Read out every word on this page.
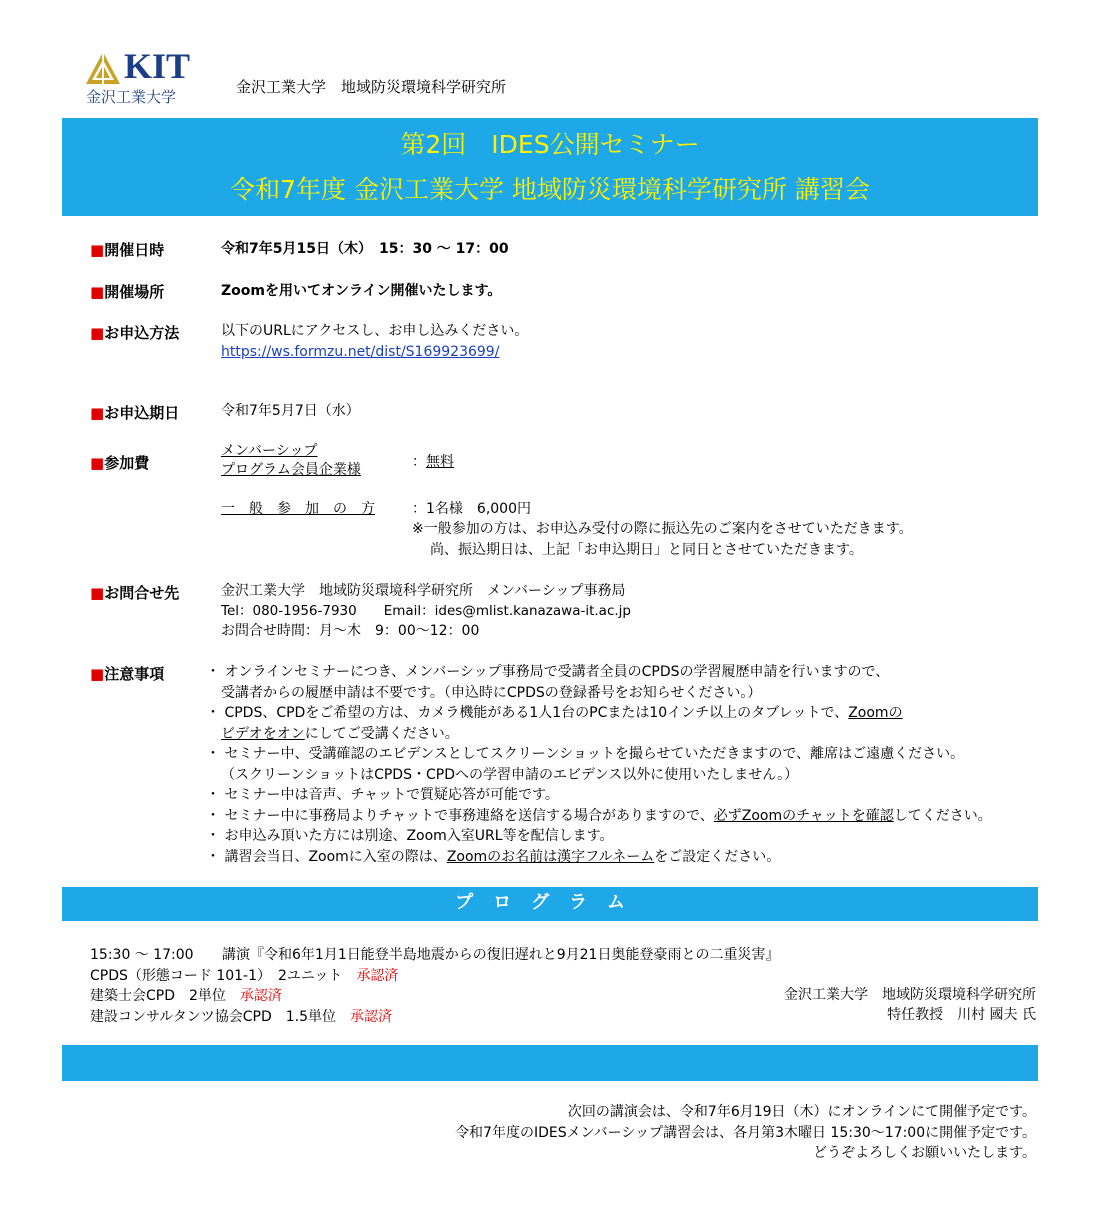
KIT
金沢工業大学
金沢工業大学　地域防災環境科学研究所
第2回　IDES公開セミナー
令和7年度 金沢工業大学 地域防災環境科学研究所 講習会
■開催日時	令和7年5月15日（木）　15：30 ～ 17：00
■開催場所	Zoomを用いてオンライン開催いたします。
■お申込方法	以下のURLにアクセスし、お申し込みください。
https://ws.formzu.net/dist/S169923699/
■お申込期日	令和7年5月7日（水）
■参加費
メンバーシップ
プログラム会員企業様	：無料
一　般　参　加　の　方	：1名様　6,000円
※一般参加の方は、お申込み受付の際に振込先のご案内をさせていただきます。
尚、振込期日は、上記「お申込期日」と同日とさせていただきます。
■お問合せ先	金沢工業大学　地域防災環境科学研究所　メンバーシップ事務局
Tel：080-1956-7930　　Email：ides@mlist.kanazawa-it.ac.jp
お問合せ時間：月～木　9：00～12：00
■注意事項	・ オンラインセミナーにつき、メンバーシップ事務局で受講者全員のCPDSの学習履歴申請を行いますので、
受講者からの履歴申請は不要です。（申込時にCPDSの登録番号をお知らせください。）
・ CPDS、CPDをご希望の方は、カメラ機能がある1人1台のPCまたは10インチ以上のタブレットで、Zoomの
ビデオをオンにしてご受講ください。
・ セミナー中、受講確認のエビデンスとしてスクリーンショットを撮らせていただきますので、離席はご遠慮ください。
（スクリーンショットはCPDS・CPDへの学習申請のエビデンス以外に使用いたしません。）
・ セミナー中は音声、チャットで質疑応答が可能です。
・ セミナー中に事務局よりチャットで事務連絡を送信する場合がありますので、必ずZoomのチャットを確認してください。
・ お申込み頂いた方には別途、Zoom入室URL等を配信します。
・ 講習会当日、Zoomに入室の際は、Zoomのお名前は漢字フルネームをご設定ください。
プログラム
15:30 ～ 17:00 講演『令和6年1月1日能登半島地震からの復旧遅れと9月21日奥能登豪雨との二重災害』
CPDS（形態コード 101-1）　2ユニット　承認済
建築士会CPD　2単位　承認済
建設コンサルタンツ協会CPD　1.5単位　承認済
金沢工業大学　地域防災環境科学研究所
特任教授　川村 國夫 氏
次回の講演会は、令和7年6月19日（木）にオンラインにて開催予定です。
令和7年度のIDESメンバーシップ講習会は、各月第3木曜日 15:30～17:00に開催予定です。
どうぞよろしくお願いいたします。
